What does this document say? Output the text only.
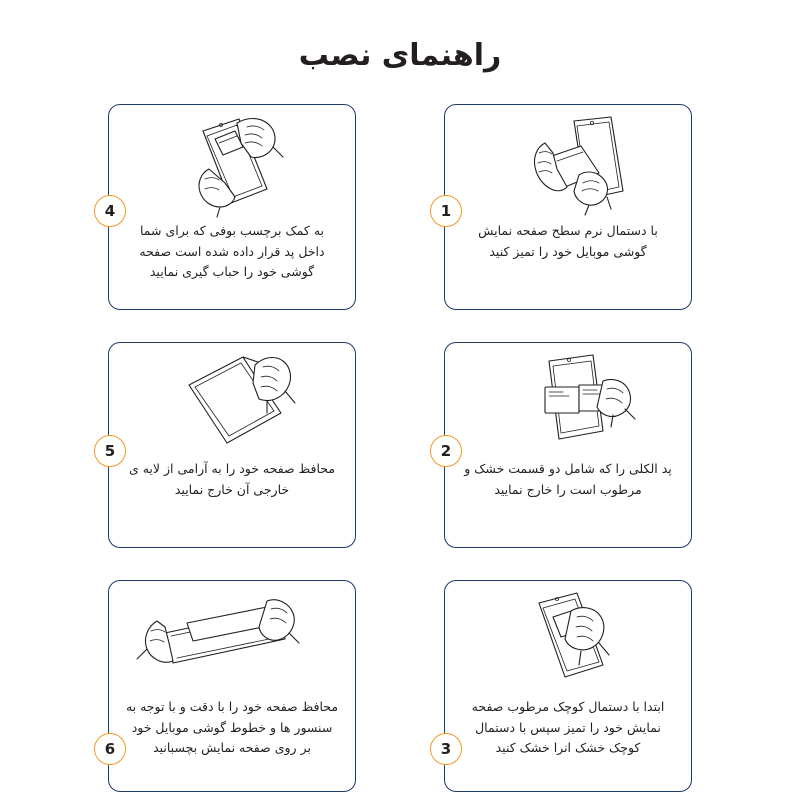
راهنمای نصب
1
با دستمال نرم سطح صفحه نمایش گوشی موبایل خود را تمیز کنید
4
به کمک برچسب بوفی که برای شما داخل پد قرار داده شده است صفحه گوشی خود را حباب گیری نمایید
2
پد الکلی را که شامل دو قسمت خشک و مرطوب است را خارج نمایید
5
محافظ صفحه خود را به آرامی از لایه ی خارجی آن خارج نمایید
3
ابتدا با دستمال کوچک مرطوب صفحه نمایش خود را تمیز سپس با دستمال کوچک خشک انرا خشک کنید
6
محافظ صفحه خود را با دقت و با توجه به سنسور ها و خطوط گوشی موبایل خود بر روی صفحه نمایش بچسبانید
